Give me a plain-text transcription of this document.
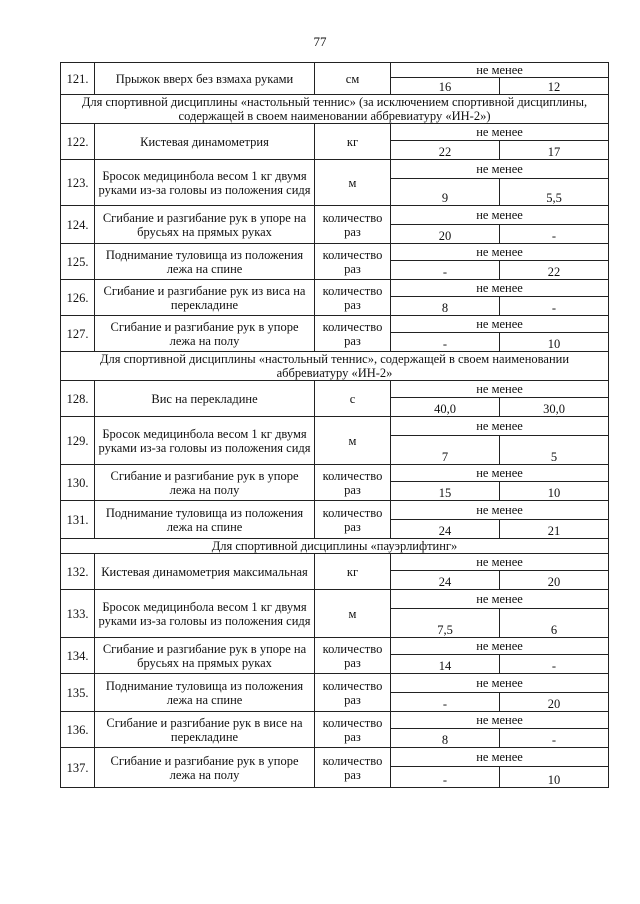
77
121.	Прыжок вверх без взмаха руками	см	не менее	
			16	12
Для спортивной дисциплины «настольный теннис» (за исключением спортивной дисциплины, содержащей в своем наименовании аббревиатуру «ИН-2»)				
122.	Кистевая динамометрия	кг	не менее	
			22	17
123.	Бросок медицинбола весом 1 кг двумя руками из-за головы из положения сидя	м	не менее	
			9	5,5
124.	Сгибание и разгибание рук в упоре на брусьях на прямых руках	количество раз	не менее	
			20	-
125.	Поднимание туловища из положения лежа на спине	количество раз	не менее	
			-	22
126.	Сгибание и разгибание рук из виса на перекладине	количество раз	не менее	
			8	-
127.	Сгибание и разгибание рук в упоре лежа на полу	количество раз	не менее	
			-	10
Для спортивной дисциплины «настольный теннис», содержащей в своем наименовании аббревиатуру «ИН-2»				
128.	Вис на перекладине	с	не менее	
			40,0	30,0
129.	Бросок медицинбола весом 1 кг двумя руками из-за головы из положения сидя	м	не менее	
			7	5
130.	Сгибание и разгибание рук в упоре лежа на полу	количество раз	не менее	
			15	10
131.	Поднимание туловища из положения лежа на спине	количество раз	не менее	
			24	21
Для спортивной дисциплины «пауэрлифтинг»				
132.	Кистевая динамометрия максимальная	кг	не менее	
			24	20
133.	Бросок медицинбола весом 1 кг двумя руками из-за головы из положения сидя	м	не менее	
			7,5	6
134.	Сгибание и разгибание рук в упоре на брусьях на прямых руках	количество раз	не менее	
			14	-
135.	Поднимание туловища из положения лежа на спине	количество раз	не менее	
			-	20
136.	Сгибание и разгибание рук в висе на перекладине	количество раз	не менее	
			8	-
137.	Сгибание и разгибание рук в упоре лежа на полу	количество раз	не менее	
			-	10
